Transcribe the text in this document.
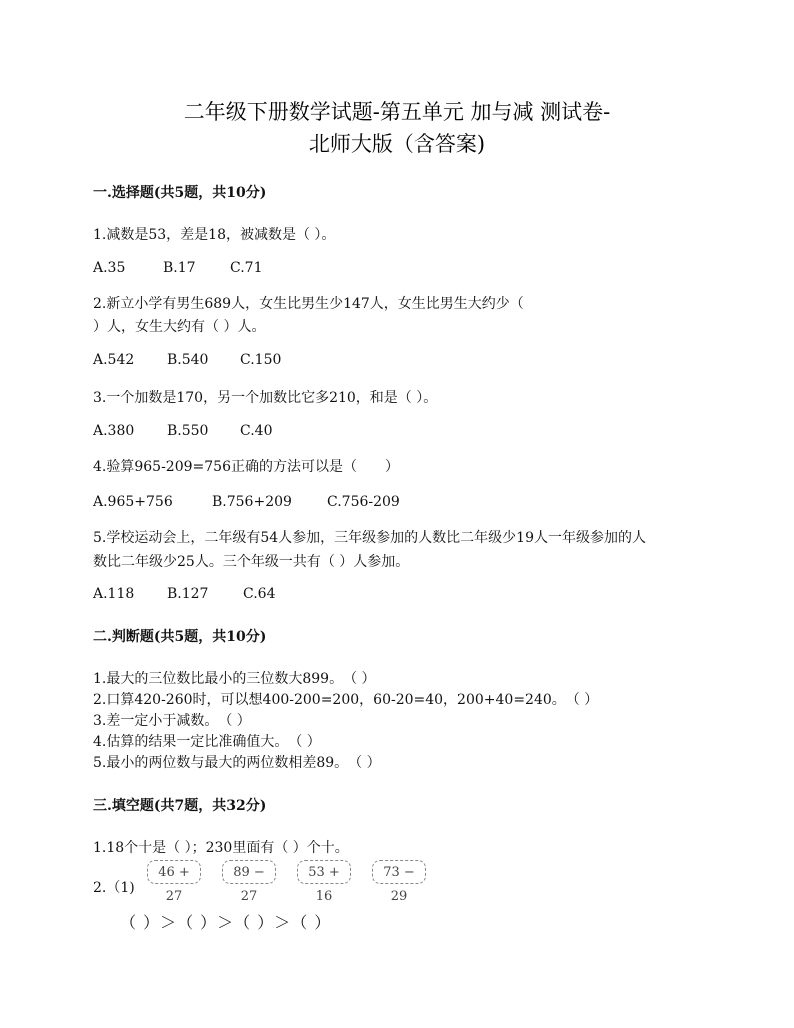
二年级下册数学试题-第五单元 加与减 测试卷-
北师大版（含答案)
一.选择题(共5题，共10分)
1.减数是53，差是18，被减数是（ ）。
A.35	B.17 C.71
2.新立小学有男生689人，女生比男生少147人，女生比男生大约少（
）人，女生大约有（ ）人。
A.542 B.540 C.150
3.一个加数是170，另一个加数比它多210，和是（ ）。
A.380 B.550 C.40
4.验算965-209=756正确的方法可以是（　　）
A.965+756	B.756+209	C.756-209
5.学校运动会上，二年级有54人参加，三年级参加的人数比二年级少19人一年级参加的人
数比二年级少25人。三个年级一共有（ ）人参加。
A.118 B.127 C.64
二.判断题(共5题，共10分)
1.最大的三位数比最小的三位数大899。　（ ）
2.口算420-260时，可以想400-200=200，60-20=40，200+40=240。　（ ）
3.差一定小于减数。　（ ）
4.估算的结果一定比准确值大。　（ ）
5.最小的两位数与最大的两位数相差89。　（ ）
三.填空题(共7题，共32分)
1.18个十是（ ）；230里面有（ ）个十。
2.（1)
46 + 27
89 − 27
53 + 16
73 − 29
（ ）＞（ ）＞（ ）＞（ ）
